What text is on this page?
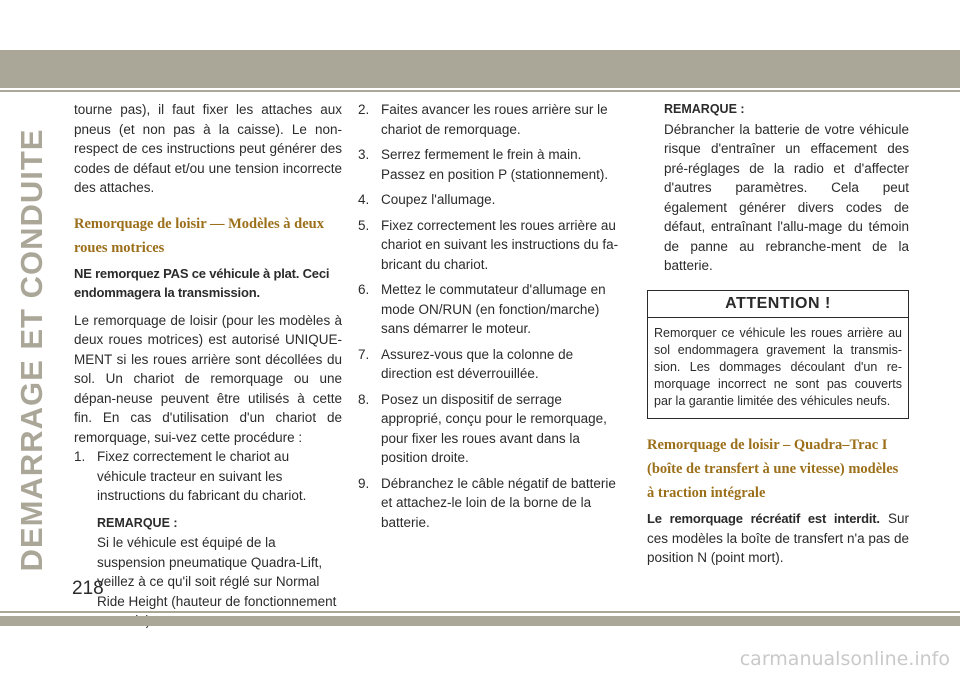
DEMARRAGE ET CONDUITE

tourne pas), il faut fixer les attaches aux pneus (et non pas à la caisse). Le non-respect de ces instructions peut générer des codes de défaut et/ou une tension incorrecte des attaches.

Remorquage de loisir — Modèles à deux roues motrices

NE remorquez PAS ce véhicule à plat. Ceci endommagera la transmission.

Le remorquage de loisir (pour les modèles à deux roues motrices) est autorisé UNIQUE-MENT si les roues arrière sont décollées du sol. Un chariot de remorquage ou une dépan-neuse peuvent être utilisés à cette fin. En cas d'utilisation d'un chariot de remorquage, sui-vez cette procédure :

1. Fixez correctement le chariot au véhicule tracteur en suivant les instructions du fabricant du chariot.
REMARQUE :

Si le véhicule est équipé de la suspension pneumatique Quadra-Lift, veillez à ce qu'il soit réglé sur Normal Ride Height (hauteur de fonctionnement

2. Faites avancer les roues arrière sur le chariot de remorquage.
3. Serrez fermement le frein à main. Passez en position P (stationnement).
4. Coupez l'allumage.
5. Fixez correctement les roues arrière au chariot en suivant les instructions du fa-bricant du chariot.
6. Mettez le commutateur d'allumage en mode ON/RUN (en fonction/marche) sans démarrer le moteur.
7. Assurez-vous que la colonne de direction est déverrouillée.
8. Posez un dispositif de serrage approprié, conçu pour le remorquage, pour fixer les roues avant dans la position droite.
9. Débranchez le câble négatif de batterie et attachez-le loin de la borne de la batterie.
REMARQUE :

Débrancher la batterie de votre véhicule risque d'entraîner un effacement des pré-réglages de la radio et d'affecter d'autres paramètres. Cela peut également générer divers codes de défaut, entraînant l'allu-mage du témoin de panne au rebranche-ment de la batterie.

ATTENTION !
Remorquer ce véhicule les roues arrière au sol endommagera gravement la transmis-sion. Les dommages découlant d'un re-morquage incorrect ne sont pas couverts par la garantie limitée des véhicules neufs.
Remorquage de loisir – Quadra–Trac I (boîte de transfert à une vitesse) modèles à traction intégrale

Le remorquage récréatif est interdit. Sur ces modèles la boîte de transfert n'a pas de position N (point mort).

218
carmanualsonline.info
